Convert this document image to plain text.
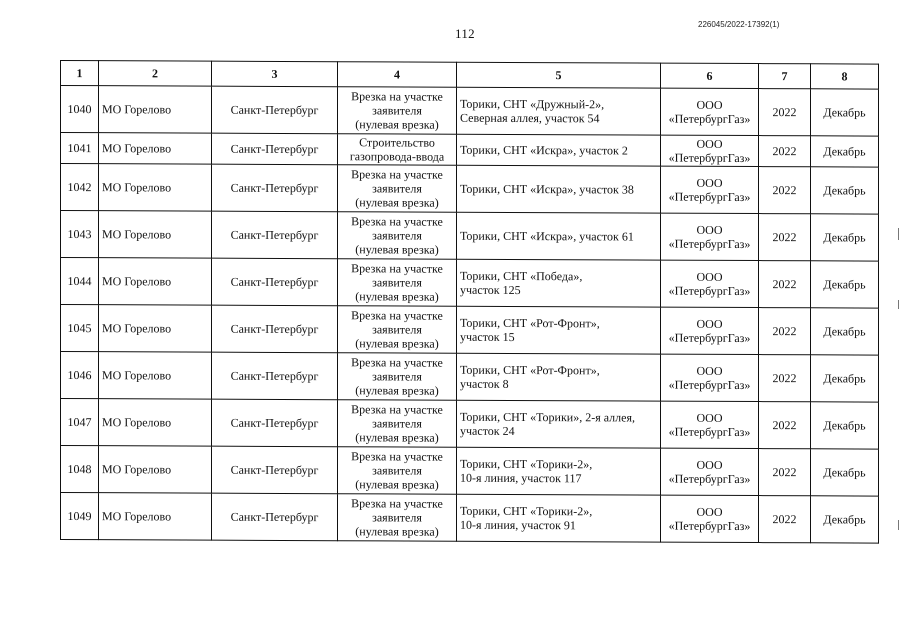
112
226045/2022-17392(1)
1	2	3	4	5	6	7	8
1040	МО Горелово	Санкт-Петербург	Врезка на участке
заявителя
(нулевая врезка)	Торики, СНТ «Дружный-2»,
Северная аллея, участок 54	ООО
«ПетербургГаз»	2022	Декабрь
1041	МО Горелово	Санкт-Петербург	Строительство
газопровода-ввода	Торики, СНТ «Искра», участок 2	ООО
«ПетербургГаз»	2022	Декабрь
1042	МО Горелово	Санкт-Петербург	Врезка на участке
заявителя
(нулевая врезка)	Торики, СНТ «Искра», участок 38	ООО
«ПетербургГаз»	2022	Декабрь
1043	МО Горелово	Санкт-Петербург	Врезка на участке
заявителя
(нулевая врезка)	Торики, СНТ «Искра», участок 61	ООО
«ПетербургГаз»	2022	Декабрь
1044	МО Горелово	Санкт-Петербург	Врезка на участке
заявителя
(нулевая врезка)	Торики, СНТ «Победа»,
участок 125	ООО
«ПетербургГаз»	2022	Декабрь
1045	МО Горелово	Санкт-Петербург	Врезка на участке
заявителя
(нулевая врезка)	Торики, СНТ «Рот-Фронт»,
участок 15	ООО
«ПетербургГаз»	2022	Декабрь
1046	МО Горелово	Санкт-Петербург	Врезка на участке
заявителя
(нулевая врезка)	Торики, СНТ «Рот-Фронт»,
участок 8	ООО
«ПетербургГаз»	2022	Декабрь
1047	МО Горелово	Санкт-Петербург	Врезка на участке
заявителя
(нулевая врезка)	Торики, СНТ «Торики», 2-я аллея,
участок 24	ООО
«ПетербургГаз»	2022	Декабрь
1048	МО Горелово	Санкт-Петербург	Врезка на участке
заявителя
(нулевая врезка)	Торики, СНТ «Торики-2»,
10-я линия, участок 117	ООО
«ПетербургГаз»	2022	Декабрь
1049	МО Горелово	Санкт-Петербург	Врезка на участке
заявителя
(нулевая врезка)	Торики, СНТ «Торики-2»,
10-я линия, участок 91	ООО
«ПетербургГаз»	2022	Декабрь
